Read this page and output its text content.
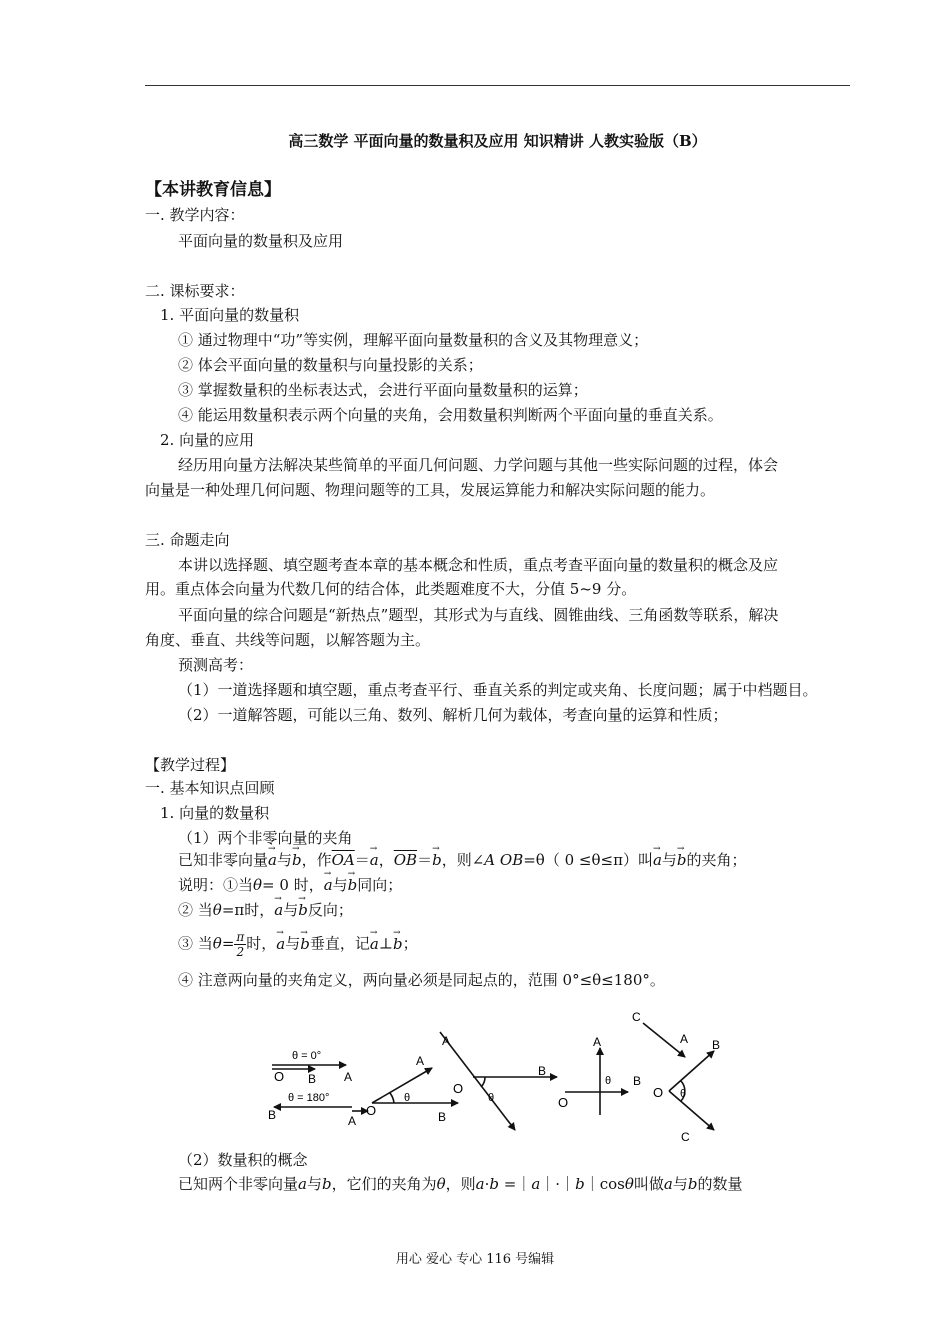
高三数学 平面向量的数量积及应用 知识精讲 人教实验版（B）
【本讲教育信息】
一. 教学内容：
平面向量的数量积及应用
二. 课标要求：
1. 平面向量的数量积
① 通过物理中“功”等实例，理解平面向量数量积的含义及其物理意义；
② 体会平面向量的数量积与向量投影的关系；
③ 掌握数量积的坐标表达式，会进行平面向量数量积的运算；
④ 能运用数量积表示两个向量的夹角，会用数量积判断两个平面向量的垂直关系。
2. 向量的应用
经历用向量方法解决某些简单的平面几何问题、力学问题与其他一些实际问题的过程，体会
向量是一种处理几何问题、物理问题等的工具，发展运算能力和解决实际问题的能力。
三. 命题走向
本讲以选择题、填空题考查本章的基本概念和性质，重点考查平面向量的数量积的概念及应
用。重点体会向量为代数几何的结合体，此类题难度不大，分值 5~9 分。
平面向量的综合问题是“新热点”题型，其形式为与直线、圆锥曲线、三角函数等联系，解决
角度、垂直、共线等问题，以解答题为主。
预测高考：
（1）一道选择题和填空题，重点考查平行、垂直关系的判定或夹角、长度问题；属于中档题目。
（2）一道解答题，可能以三角、数列、解析几何为载体，考查向量的运算和性质；
【教学过程】
一. 基本知识点回顾
1. 向量的数量积
（1）两个非零向量的夹角
已知非零向量→ a与→ b，作$\overline{OA}=\to a$，$\overline{OB}=\to b$，则∠A OB=θ（ 0 ≤θ≤π）叫→ a与→ b的夹角；
说明：①当θ= 0 时，→ a与→ b同向；
② 当θ=π时，→ a与→ b反向；
③ 当$\theta= \frac{\pi}{2}$ 时，→ a与→ b垂直，记→ a⊥→ b；
④ 注意两向量的夹角定义，两向量必须是同起点的，范围 0°≤θ≤180°。
θ = 0°
O B A
θ = 180°
B	A
O
A
B
θ
A
O
B
θ	O
A
B
θ
C
A
O
B
θ
C
（2）数量积的概念
已知两个非零向量a与b，它们的夹角为θ，则a·b =｜a｜·｜b｜cosθ叫做a与b的数量
用心 爱心 专心 116 号编辑
